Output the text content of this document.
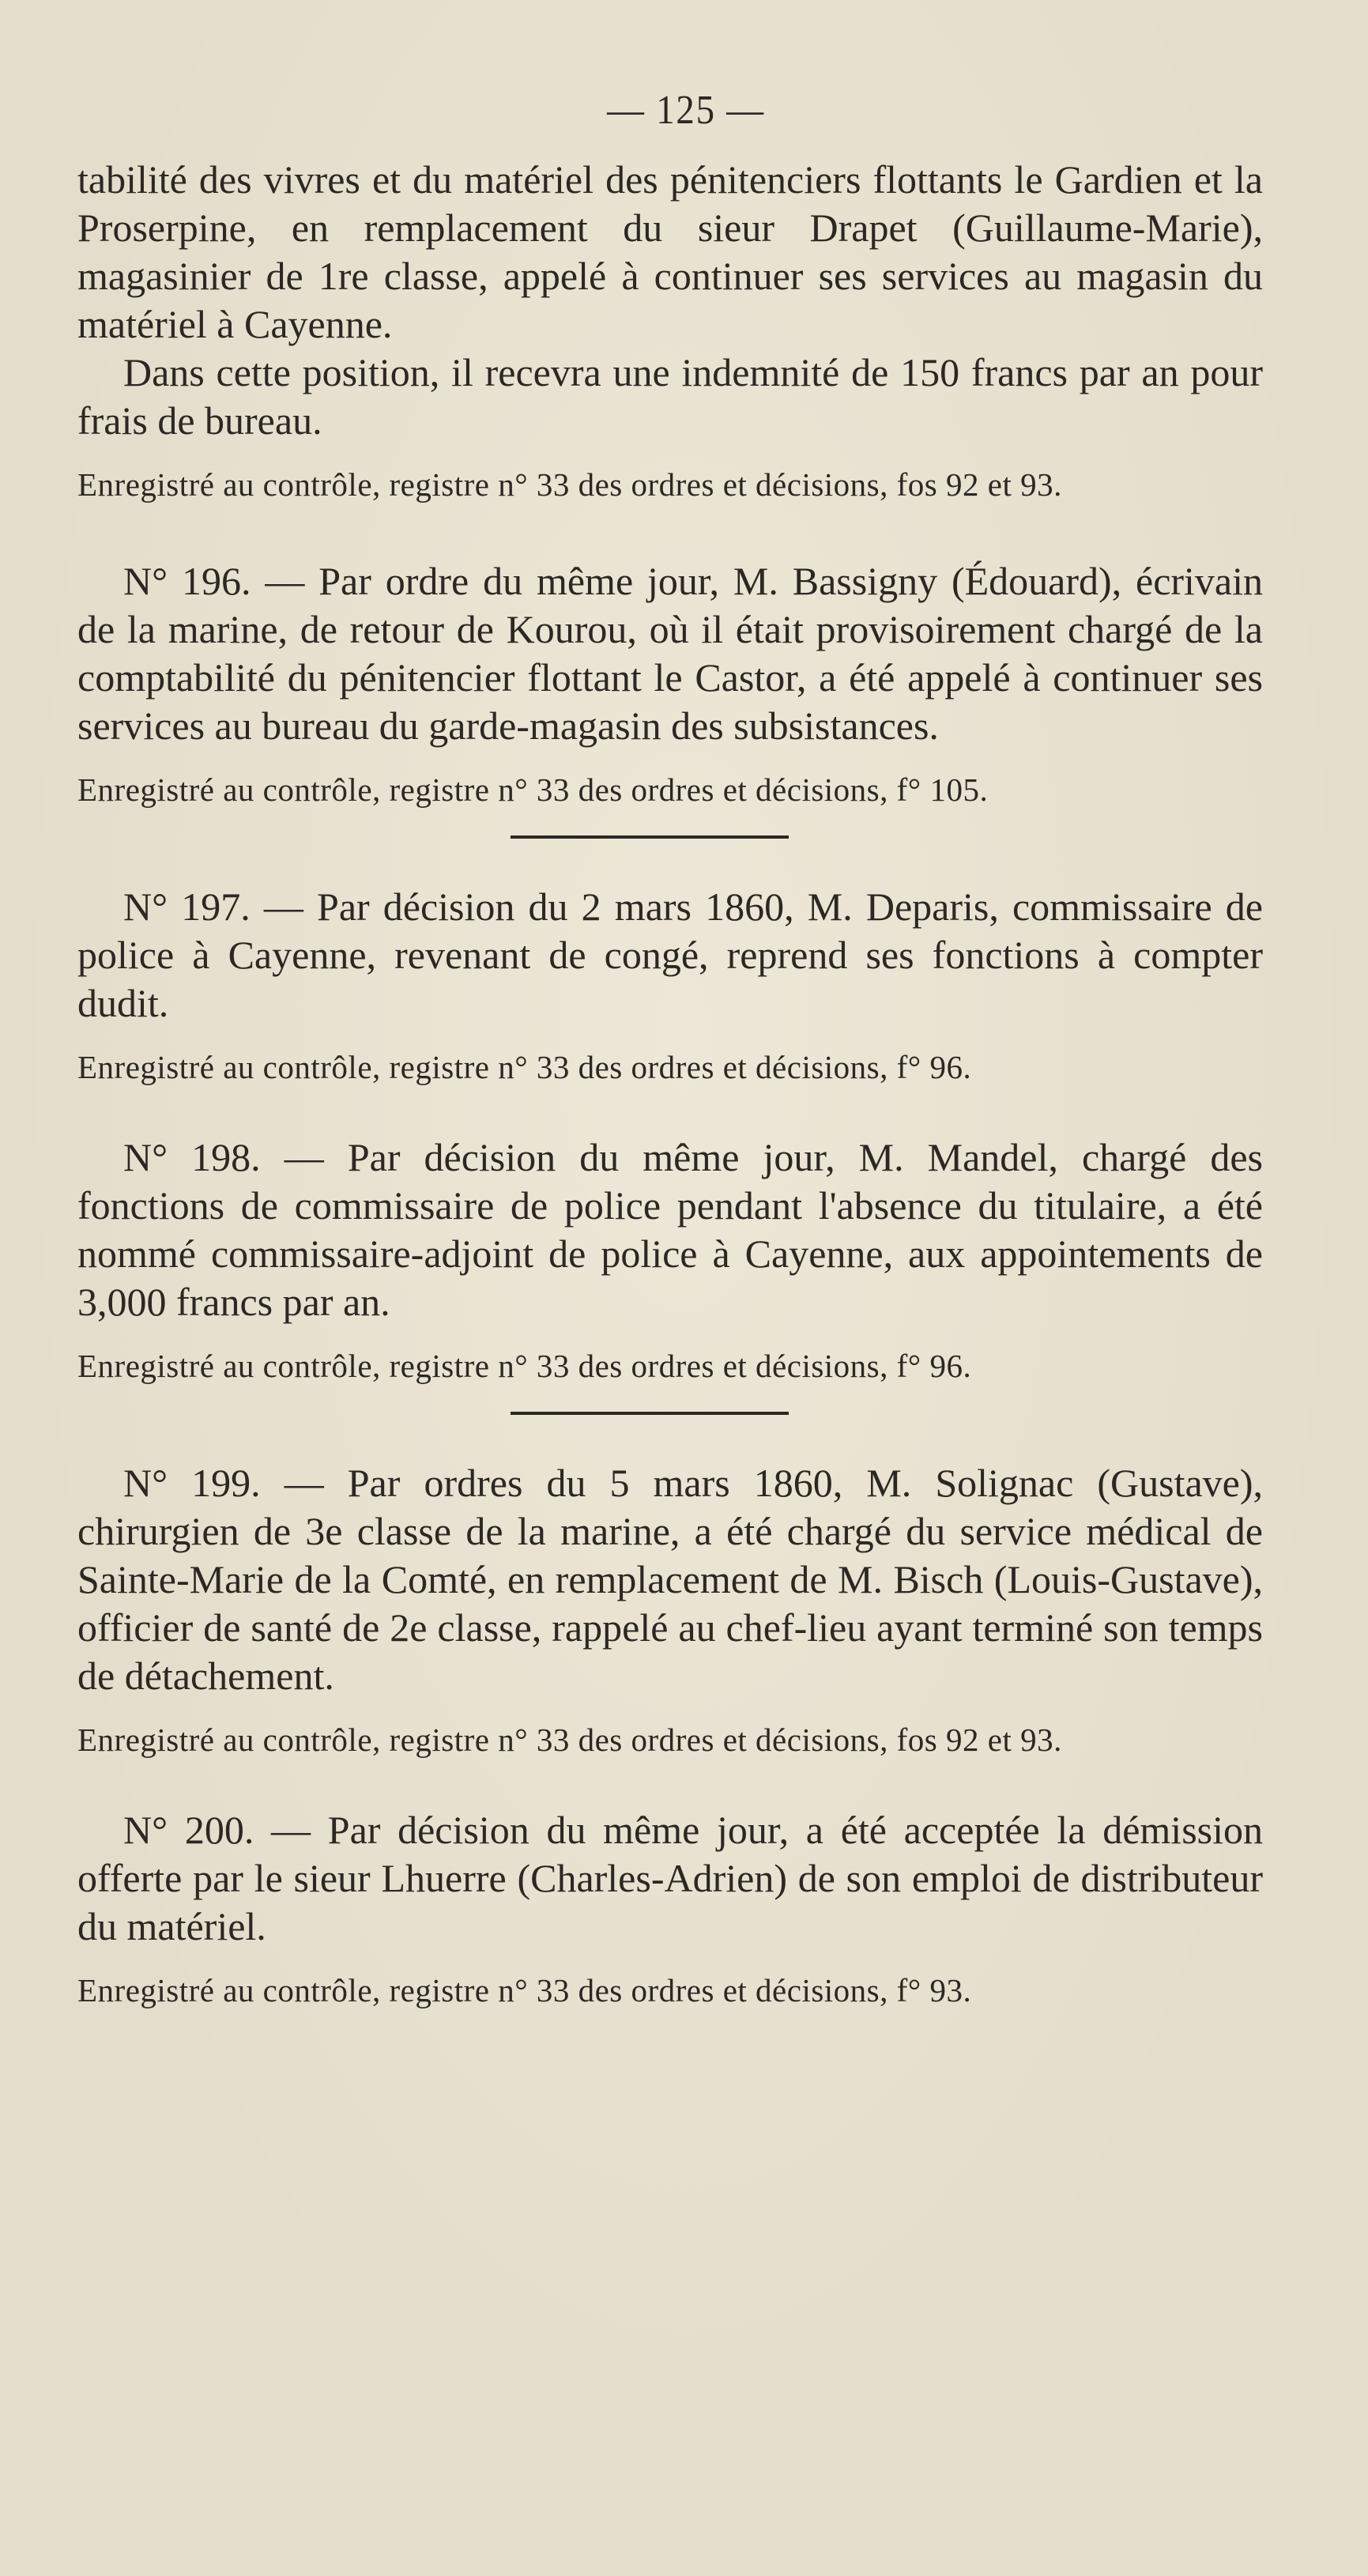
— 125 —

tabilité des vivres et du matériel des pénitenciers flottants le Gardien et la Proserpine, en remplacement du sieur Drapet (Guillaume-Marie), magasinier de 1re classe, appelé à continuer ses services au magasin du matériel à Cayenne.

Dans cette position, il recevra une indemnité de 150 francs par an pour frais de bureau.

Enregistré au contrôle, registre n° 33 des ordres et décisions, fos 92 et 93.

N° 196. — Par ordre du même jour, M. Bassigny (Édouard), écrivain de la marine, de retour de Kourou, où il était provisoirement chargé de la comptabilité du pénitencier flottant le Castor, a été appelé à continuer ses services au bureau du garde-magasin des subsistances.

Enregistré au contrôle, registre n° 33 des ordres et décisions, f° 105.

N° 197. — Par décision du 2 mars 1860, M. Deparis, commissaire de police à Cayenne, revenant de congé, reprend ses fonctions à compter dudit.

Enregistré au contrôle, registre n° 33 des ordres et décisions, f° 96.

N° 198. — Par décision du même jour, M. Mandel, chargé des fonctions de commissaire de police pendant l'absence du titulaire, a été nommé commissaire-adjoint de police à Cayenne, aux appointements de 3,000 francs par an.

Enregistré au contrôle, registre n° 33 des ordres et décisions, f° 96.

N° 199. — Par ordres du 5 mars 1860, M. Solignac (Gustave), chirurgien de 3e classe de la marine, a été chargé du service médical de Sainte-Marie de la Comté, en remplacement de M. Bisch (Louis-Gustave), officier de santé de 2e classe, rappelé au chef-lieu ayant terminé son temps de détachement.

Enregistré au contrôle, registre n° 33 des ordres et décisions, fos 92 et 93.

N° 200. — Par décision du même jour, a été acceptée la démission offerte par le sieur Lhuerre (Charles-Adrien) de son emploi de distributeur du matériel.

Enregistré au contrôle, registre n° 33 des ordres et décisions, f° 93.
